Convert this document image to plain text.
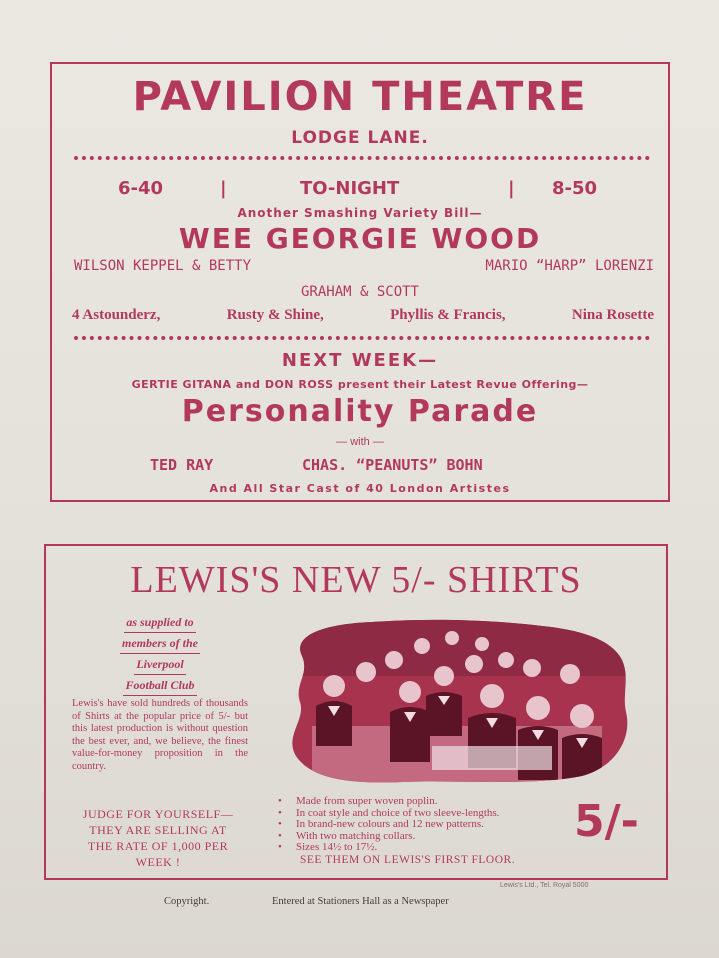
PAVILION THEATRE
LODGE LANE.
6-40	|	TO-NIGHT	| 8-50
Another Smashing Variety Bill—
WEE GEORGIE WOOD
WILSON KEPPEL & BETTY	MARIO “HARP” LORENZI
GRAHAM & SCOTT
4 Astounderz,	Rusty & Shine,	Phyllis & Francis,	Nina Rosette
NEXT WEEK—
GERTIE GITANA and DON ROSS present their Latest Revue Offering—
Personality Parade
— with —
TED RAY	CHAS. “PEANUTS” BOHN
And All Star Cast of 40 London Artistes
LEWIS'S NEW 5/- SHIRTS
as supplied to
members of the
Liverpool
Football Club
Lewis's have sold hundreds of thousands of Shirts at the popular price of 5/- but this latest production is without question the best ever, and, we believe, the finest value-for-money proposition in the country.
JUDGE FOR YOURSELF—
THEY ARE SELLING AT
THE RATE OF 1,000 PER
WEEK !
• Made from super woven poplin.
• In coat style and choice of two sleeve-lengths.
• In brand-new colours and 12 new patterns.
• With two matching collars.
• Sizes 14½ to 17½.
SEE THEM ON LEWIS'S FIRST FLOOR.
5/-
Lewis's Ltd., Tel. Royal 5000
Copyright.	Entered at Stationers Hall as a Newspaper
